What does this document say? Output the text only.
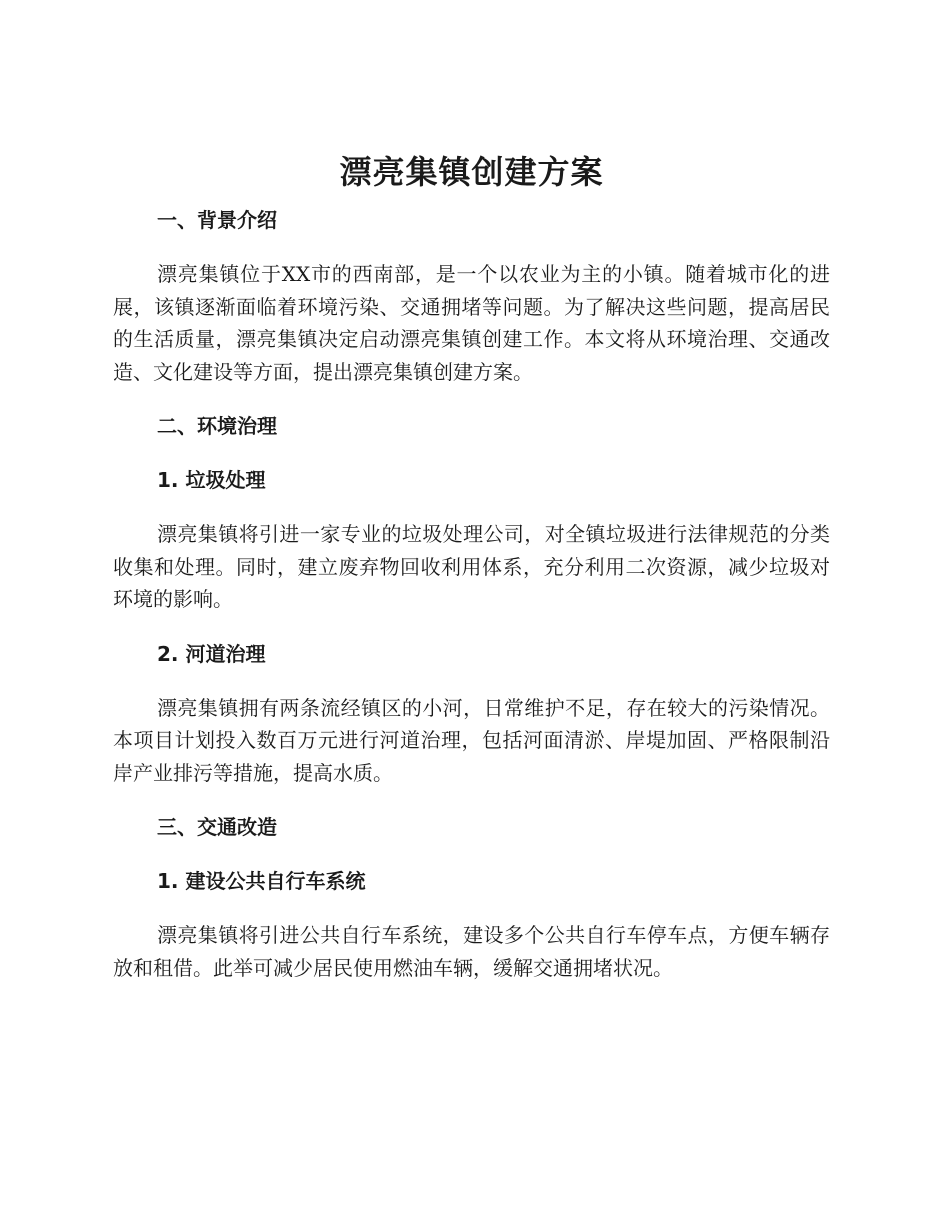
漂亮集镇创建方案
一、背景介绍

漂亮集镇位于XX市的西南部，是一个以农业为主的小镇。随着城市化的进展，该镇逐渐面临着环境污染、交通拥堵等问题。为了解决这些问题，提高居民的生活质量，漂亮集镇决定启动漂亮集镇创建工作。本文将从环境治理、交通改造、文化建设等方面，提出漂亮集镇创建方案。

二、环境治理
1. 垃圾处理

漂亮集镇将引进一家专业的垃圾处理公司，对全镇垃圾进行法律规范的分类收集和处理。同时，建立废弃物回收利用体系，充分利用二次资源，减少垃圾对环境的影响。

2. 河道治理

漂亮集镇拥有两条流经镇区的小河，日常维护不足，存在较大的污染情况。本项目计划投入数百万元进行河道治理，包括河面清淤、岸堤加固、严格限制沿岸产业排污等措施，提高水质。

三、交通改造
1. 建设公共自行车系统

漂亮集镇将引进公共自行车系统，建设多个公共自行车停车点，方便车辆存放和租借。此举可减少居民使用燃油车辆，缓解交通拥堵状况。
